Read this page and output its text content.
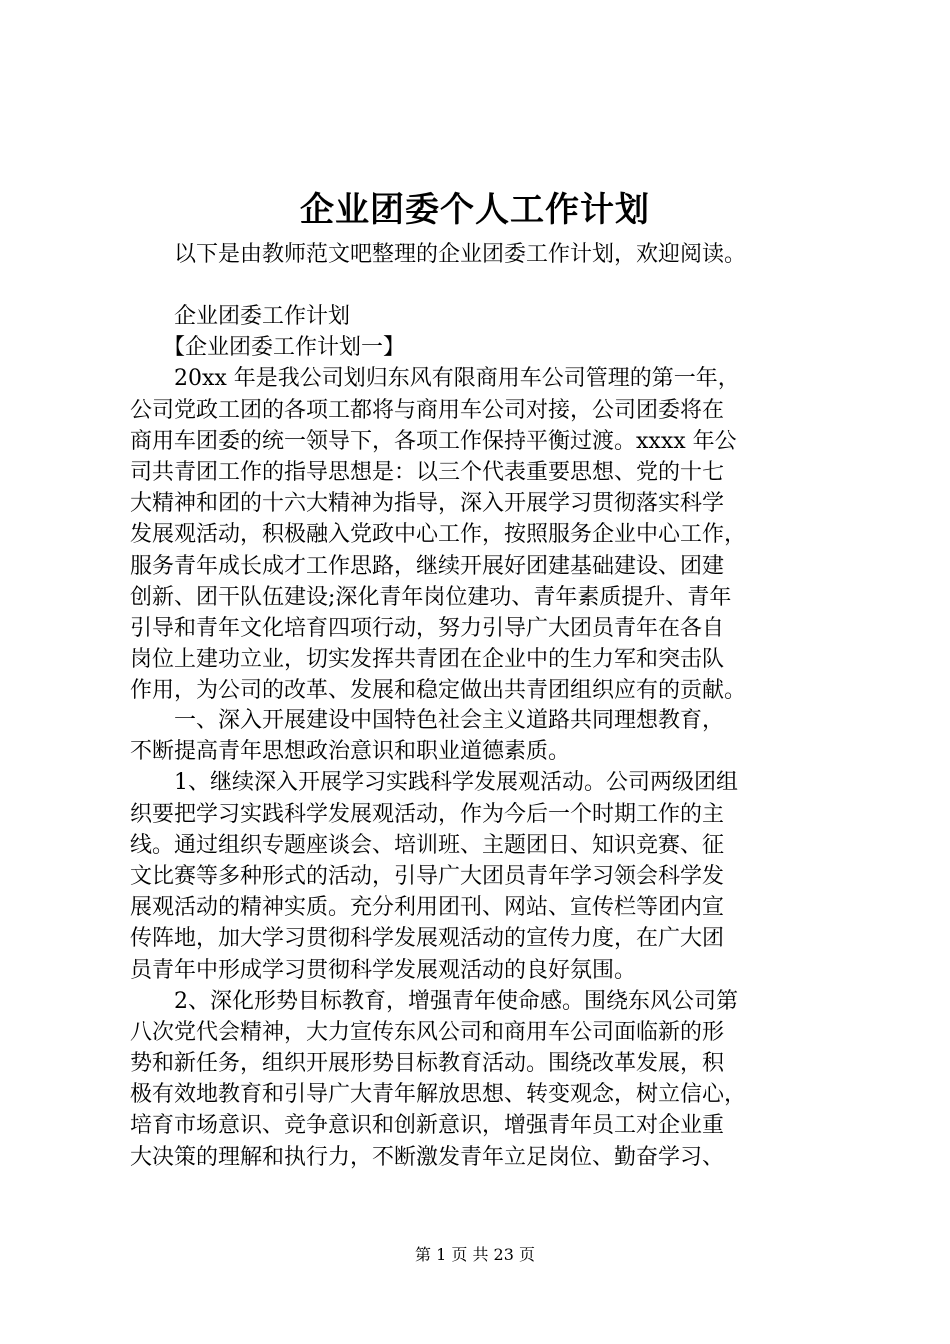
企业团委个人工作计划
　　以下是由教师范文吧整理的企业团委工作计划，欢迎阅读。
　　企业团委工作计划
　　【企业团委工作计划一】
　　20xx 年是我公司划归东风有限商用车公司管理的第一年，
公司党政工团的各项工都将与商用车公司对接，公司团委将在
商用车团委的统一领导下，各项工作保持平衡过渡。xxxx 年公
司共青团工作的指导思想是：以三个代表重要思想、党的十七
大精神和团的十六大精神为指导，深入开展学习贯彻落实科学
发展观活动，积极融入党政中心工作，按照服务企业中心工作，
服务青年成长成才工作思路，继续开展好团建基础建设、团建
创新、团干队伍建设;深化青年岗位建功、青年素质提升、青年
引导和青年文化培育四项行动，努力引导广大团员青年在各自
岗位上建功立业，切实发挥共青团在企业中的生力军和突击队
作用，为公司的改革、发展和稳定做出共青团组织应有的贡献。
　　一、深入开展建设中国特色社会主义道路共同理想教育，
不断提高青年思想政治意识和职业道德素质。
　　1、继续深入开展学习实践科学发展观活动。公司两级团组
织要把学习实践科学发展观活动，作为今后一个时期工作的主
线。通过组织专题座谈会、培训班、主题团日、知识竞赛、征
文比赛等多种形式的活动，引导广大团员青年学习领会科学发
展观活动的精神实质。充分利用团刊、网站、宣传栏等团内宣
传阵地，加大学习贯彻科学发展观活动的宣传力度，在广大团
员青年中形成学习贯彻科学发展观活动的良好氛围。
　　2、深化形势目标教育，增强青年使命感。围绕东风公司第
八次党代会精神，大力宣传东风公司和商用车公司面临新的形
势和新任务，组织开展形势目标教育活动。围绕改革发展，积
极有效地教育和引导广大青年解放思想、转变观念，树立信心，
培育市场意识、竞争意识和创新意识，增强青年员工对企业重
大决策的理解和执行力，不断激发青年立足岗位、勤奋学习、
第 1 页 共 23 页
